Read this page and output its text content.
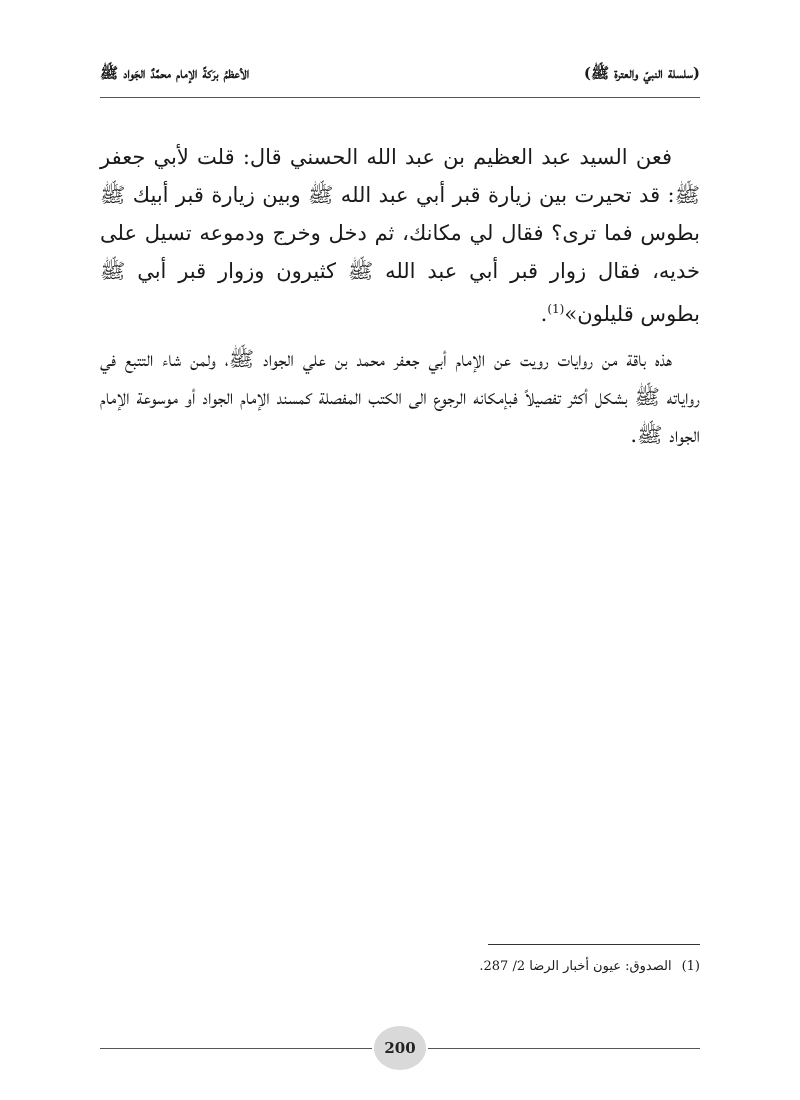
(سلسلة النبيّ والعترة ﷺ)
الأعظمُ برَكةً الإمام محمَّدٌ الجَواد ﷺ

فعن السيد عبد العظيم بن عبد الله الحسني قال: قلت لأبي جعفر ﷺ: قد تحيرت بين زيارة قبر أبي عبد الله ﷺ وبين زيارة قبر أبيك ﷺ بطوس فما ترى؟ فقال لي مكانك، ثم دخل وخرج ودموعه تسيل على خديه، فقال زوار قبر أبي عبد الله ﷺ كثيرون وزوار قبر أبي ﷺ بطوس قليلون»$^{(1)}$.

هذه باقة من روايات رويت عن الإمام أبي جعفر محمد بن علي الجواد ﷺ، ولمن شاء التتبع في رواياته ﷺ بشكل أكثر تفصيلاً فبإمكانه الرجوع الى الكتب المفصلة كمسند الإمام الجواد أو موسوعة الإمام الجواد ﷺ.

(1)الصدوق: عيون أخبار الرضا 2/ 287.
200
